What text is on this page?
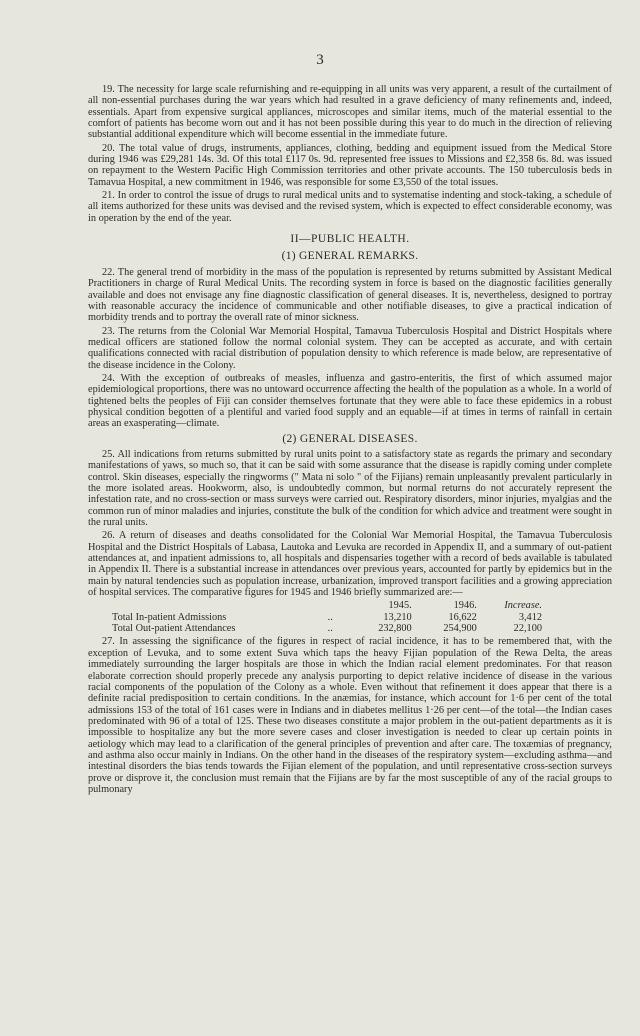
3

19. The necessity for large scale refurnishing and re-equipping in all units was very apparent, a result of the curtailment of all non-essential purchases during the war years which had resulted in a grave deficiency of many refinements and, indeed, essentials. Apart from expensive surgical appliances, microscopes and similar items, much of the material essential to the comfort of patients has become worn out and it has not been possible during this year to do much in the direction of relieving substantial additional expenditure which will become essential in the immediate future.

20. The total value of drugs, instruments, appliances, clothing, bedding and equipment issued from the Medical Store during 1946 was £29,281 14s. 3d. Of this total £117 0s. 9d. represented free issues to Missions and £2,358 6s. 8d. was issued on repayment to the Western Pacific High Commission territories and other private accounts. The 150 tuberculosis beds in Tamavua Hospital, a new commitment in 1946, was responsible for some £3,550 of the total issues.

21. In order to control the issue of drugs to rural medical units and to systematise indenting and stock-taking, a schedule of all items authorized for these units was devised and the revised system, which is expected to effect considerable economy, was in operation by the end of the year.

II—PUBLIC HEALTH.
(1) GENERAL REMARKS.

22. The general trend of morbidity in the mass of the population is represented by returns submitted by Assistant Medical Practitioners in charge of Rural Medical Units. The recording system in force is based on the diagnostic facilities generally available and does not envisage any fine diagnostic classification of general diseases. It is, nevertheless, designed to portray with reasonable accuracy the incidence of communicable and other notifiable diseases, to give a practical indication of morbidity trends and to portray the overall rate of minor sickness.

23. The returns from the Colonial War Memorial Hospital, Tamavua Tuberculosis Hospital and District Hospitals where medical officers are stationed follow the normal colonial system. They can be accepted as accurate, and with certain qualifications connected with racial distribution of population density to which reference is made below, are representative of the disease incidence in the Colony.

24. With the exception of outbreaks of measles, influenza and gastro-enteritis, the first of which assumed major epidemiological proportions, there was no untoward occurrence affecting the health of the population as a whole. In a world of tightened belts the peoples of Fiji can consider themselves fortunate that they were able to face these epidemics in a robust physical condition begotten of a plentiful and varied food supply and an equable—if at times in terms of rainfall in certain areas an exasperating—climate.

(2) GENERAL DISEASES.

25. All indications from returns submitted by rural units point to a satisfactory state as regards the primary and secondary manifestations of yaws, so much so, that it can be said with some assurance that the disease is rapidly coming under complete control. Skin diseases, especially the ringworms (" Mata ni solo " of the Fijians) remain unpleasantly prevalent particularly in the more isolated areas. Hookworm, also, is undoubtedly common, but normal returns do not accurately represent the infestation rate, and no cross-section or mass surveys were carried out. Respiratory disorders, minor injuries, myalgias and the common run of minor maladies and injuries, constitute the bulk of the condition for which advice and treatment were sought in the rural units.

26. A return of diseases and deaths consolidated for the Colonial War Memorial Hospital, the Tamavua Tuberculosis Hospital and the District Hospitals of Labasa, Lautoka and Levuka are recorded in Appendix II, and a summary of out-patient attendances at, and inpatient admissions to, all hospitals and dispensaries together with a record of beds available is tabulated in Appendix II. There is a substantial increase in attendances over previous years, accounted for partly by epidemics but in the main by natural tendencies such as population increase, urbanization, improved transport facilities and a growing appreciation of hospital services. The comparative figures for 1945 and 1946 briefly summarized are:—

		1945.	1946.	Increase.
Total In-patient Admissions	..	13,210	16,622	3,412
Total Out-patient Attendances	..	232,800	254,900	22,100

27. In assessing the significance of the figures in respect of racial incidence, it has to be remembered that, with the exception of Levuka, and to some extent Suva which taps the heavy Fijian population of the Rewa Delta, the areas immediately surrounding the larger hospitals are those in which the Indian racial element predominates. For that reason elaborate correction should properly precede any analysis purporting to depict relative incidence of disease in the various racial components of the population of the Colony as a whole. Even without that refinement it does appear that there is a definite racial predisposition to certain conditions. In the anæmias, for instance, which account for 1·6 per cent of the total admissions 153 of the total of 161 cases were in Indians and in diabetes mellitus 1·26 per cent—of the total—the Indian cases predominated with 96 of a total of 125. These two diseases constitute a major problem in the out-patient departments as it is impossible to hospitalize any but the more severe cases and closer investigation is needed to clear up certain points in aetiology which may lead to a clarification of the general principles of prevention and after care. The toxæmias of pregnancy, and asthma also occur mainly in Indians. On the other hand in the diseases of the respiratory system—excluding asthma—and intestinal disorders the bias tends towards the Fijian element of the population, and until representative cross-section surveys prove or disprove it, the conclusion must remain that the Fijians are by far the most susceptible of any of the racial groups to pulmonary
